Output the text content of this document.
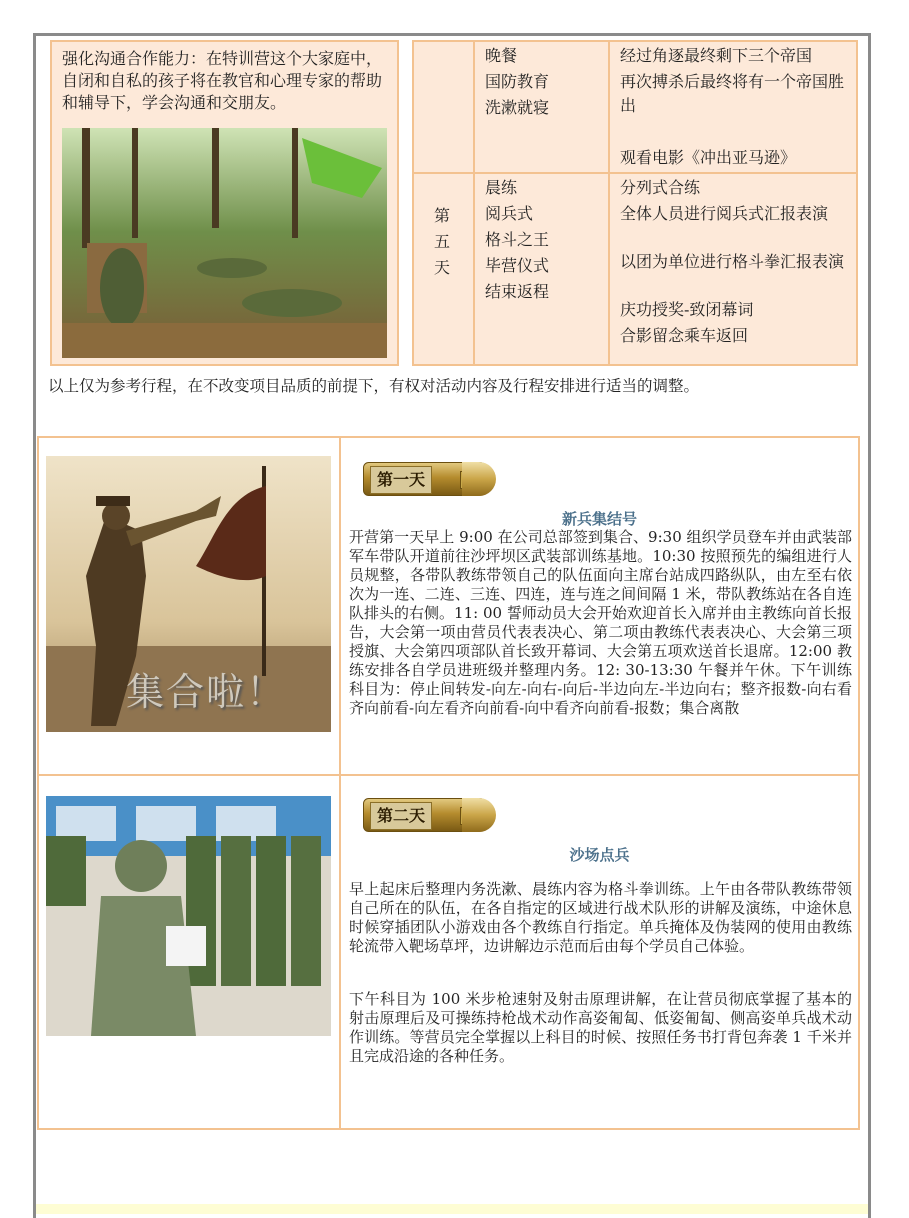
强化沟通合作能力：在特训营这个大家庭中，自闭和自私的孩子将在教官和心理专家的帮助和辅导下，学会沟通和交朋友。
晚餐
国防教育
洗漱就寝
经过角逐最终剩下三个帝国
再次搏杀后最终将有一个帝国胜出
观看电影《冲出亚马逊》
第
五
天
晨练
阅兵式
格斗之王
毕营仪式
结束返程
分列式合练
全体人员进行阅兵式汇报表演
以团为单位进行格斗拳汇报表演
庆功授奖-致闭幕词
合影留念乘车返回
以上仅为参考行程，在不改变项目品质的前提下，有权对活动内容及行程安排进行适当的调整。
集合啦！
第一天
新兵集结号
开营第一天早上 9:00 在公司总部签到集合、9:30 组织学员登车并由武装部军车带队开道前往沙坪坝区武装部训练基地。10:30 按照预先的编组进行人员规整，各带队教练带领自己的队伍面向主席台站成四路纵队，由左至右依次为一连、二连、三连、四连，连与连之间间隔 1 米，带队教练站在各自连队排头的右侧。11: 00 誓师动员大会开始欢迎首长入席并由主教练向首长报告，大会第一项由营员代表表决心、第二项由教练代表表决心、大会第三项授旗、大会第四项部队首长致开幕词、大会第五项欢送首长退席。12:00 教练安排各自学员进班级并整理内务。12: 30-13:30 午餐并午休。下午训练科目为：停止间转发-向左-向右-向后-半边向左-半边向右；整齐报数-向右看齐向前看-向左看齐向前看-向中看齐向前看-报数；集合离散
第二天
沙场点兵
早上起床后整理内务洗漱、晨练内容为格斗拳训练。上午由各带队教练带领自己所在的队伍，在各自指定的区域进行战术队形的讲解及演练，中途休息时候穿插团队小游戏由各个教练自行指定。单兵掩体及伪装网的使用由教练轮流带入靶场草坪，边讲解边示范而后由每个学员自己体验。
下午科目为 100 米步枪速射及射击原理讲解，在让营员彻底掌握了基本的射击原理后及可操练持枪战术动作高姿匍匐、低姿匍匐、侧高姿单兵战术动作训练。等营员完全掌握以上科目的时候、按照任务书打背包奔袭 1 千米并且完成沿途的各种任务。
